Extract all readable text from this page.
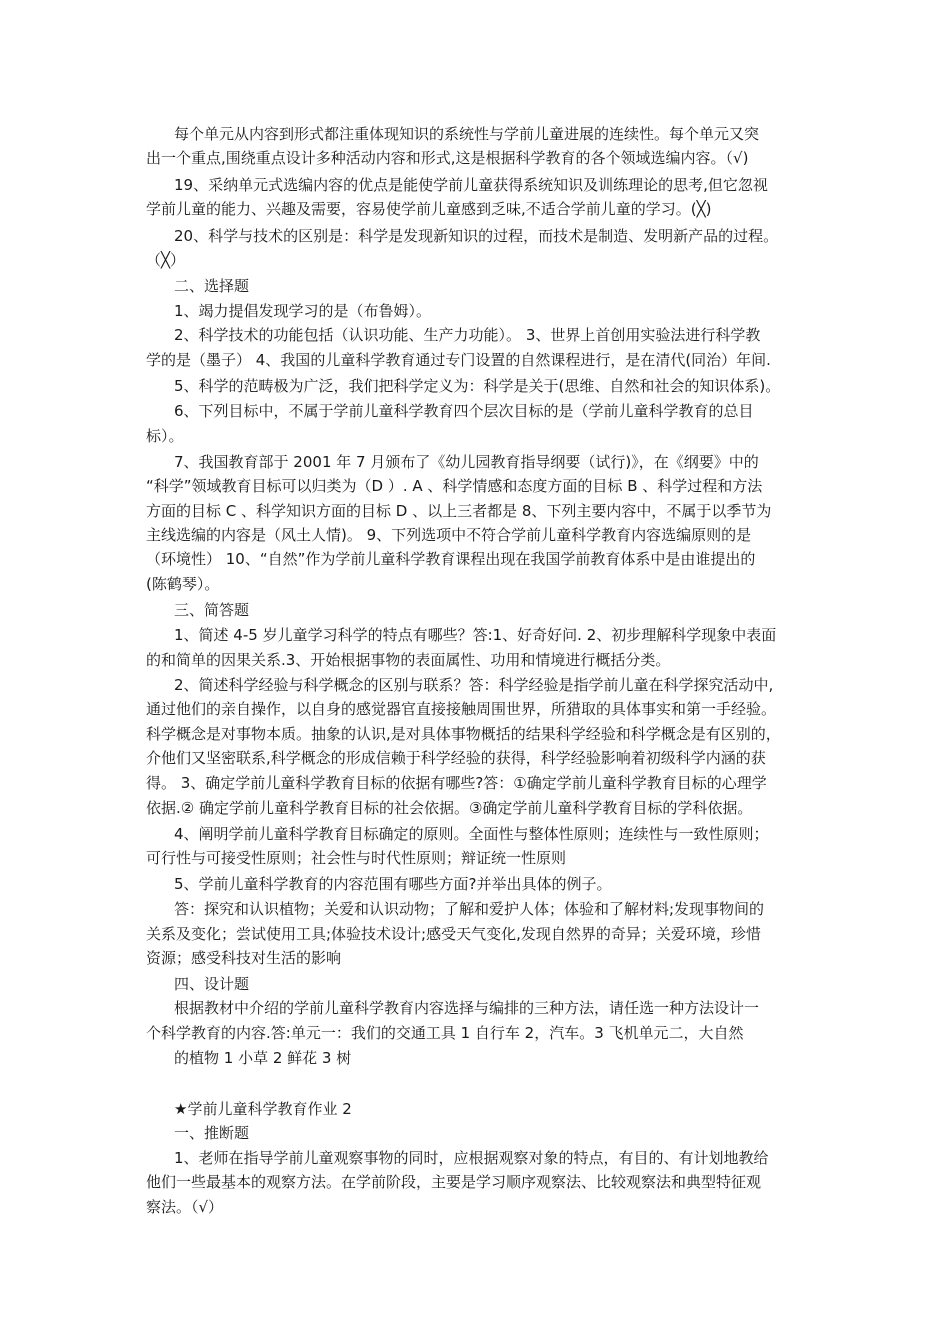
每个单元从内容到形式都注重体现知识的系统性与学前儿童进展的连续性。每个单元又突
出一个重点,围绕重点设计多种活动内容和形式,这是根据科学教育的各个领域选编内容。（√)
19、采纳单元式选编内容的优点是能使学前儿童获得系统知识及训练理论的思考,但它忽视
学前儿童的能力、兴趣及需要，容易使学前儿童感到乏味,不适合学前儿童的学习。(╳)
20、科学与技术的区别是：科学是发现新知识的过程，而技术是制造、发明新产品的过程。
（╳）
二、选择题
1、竭力提倡发现学习的是（布鲁姆）。
2、科学技术的功能包括（认识功能、生产力功能）。 3、世界上首创用实验法进行科学教
学的是（墨子） 4、我国的儿童科学教育通过专门设置的自然课程进行，是在清代(同治）年间.
5、科学的范畴极为广泛，我们把科学定义为：科学是关于(思维、自然和社会的知识体系)。
6、下列目标中，不属于学前儿童科学教育四个层次目标的是（学前儿童科学教育的总目
标）。
7、我国教育部于 2001 年 7 月颁布了《幼儿园教育指导纲要（试行)》，在《纲要》中的
“科学”领域教育目标可以归类为（D ）. A 、科学情感和态度方面的目标 B 、科学过程和方法
方面的目标 C 、科学知识方面的目标 D 、以上三者都是 8、下列主要内容中，不属于以季节为
主线选编的内容是（风土人情)。 9、下列选项中不符合学前儿童科学教育内容选编原则的是
（环境性） 10、“自然”作为学前儿童科学教育课程出现在我国学前教育体系中是由谁提出的
(陈鹤琴）。
三、简答题
1、简述 4-5 岁儿童学习科学的特点有哪些？答:1、好奇好问. 2、初步理解科学现象中表面
的和简单的因果关系.3、开始根据事物的表面属性、功用和情境进行概括分类。
2、简述科学经验与科学概念的区别与联系？答：科学经验是指学前儿童在科学探究活动中,
通过他们的亲自操作，以自身的感觉器官直接接触周围世界，所猎取的具体事实和第一手经验。
科学概念是对事物本质。抽象的认识,是对具体事物概括的结果科学经验和科学概念是有区别的，
介他们又坚密联系,科学概念的形成信赖于科学经验的获得，科学经验影响着初级科学内涵的获
得。 3、确定学前儿童科学教育目标的依据有哪些?答：①确定学前儿童科学教育目标的心理学
依据.② 确定学前儿童科学教育目标的社会依据。③确定学前儿童科学教育目标的学科依据。
4、阐明学前儿童科学教育目标确定的原则。全面性与整体性原则；连续性与一致性原则；
可行性与可接受性原则；社会性与时代性原则；辩证统一性原则
5、学前儿童科学教育的内容范围有哪些方面?并举出具体的例子。
答：探究和认识植物；关爱和认识动物；了解和爱护人体；体验和了解材料;发现事物间的
关系及变化；尝试使用工具;体验技术设计;感受天气变化,发现自然界的奇异；关爱环境，珍惜
资源；感受科技对生活的影响
四、设计题
根据教材中介绍的学前儿童科学教育内容选择与编排的三种方法，请任选一种方法设计一
个科学教育的内容.答:单元一：我们的交通工具 1 自行车 2，汽车。3 飞机单元二，大自然
的植物 1 小草 2 鲜花 3 树
★学前儿童科学教育作业 2
一、推断题
1、老师在指导学前儿童观察事物的同时，应根据观察对象的特点，有目的、有计划地教给
他们一些最基本的观察方法。在学前阶段，主要是学习顺序观察法、比较观察法和典型特征观
察法。（√）
